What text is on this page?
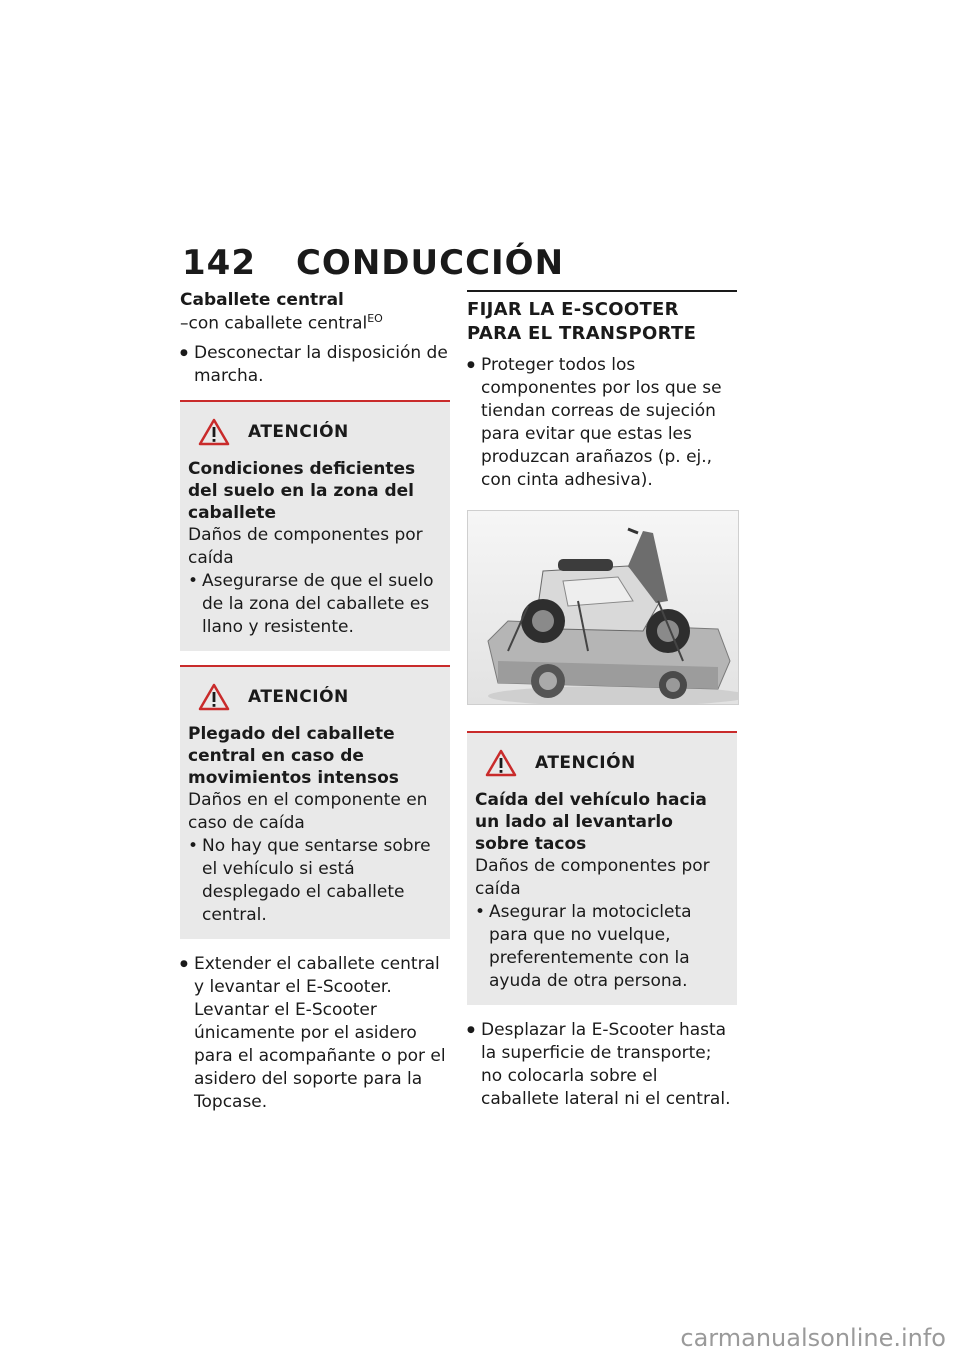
142 CONDUCCIÓN

Caballete central

–con caballete central$^{EO}$

● Desconectar la disposición de marcha.

ATENCIÓN

Condiciones deficientes del suelo en la zona del caballete

Daños de componentes por caída

• Asegurarse de que el suelo de la zona del caballete es llano y resistente.

ATENCIÓN

Plegado del caballete central en caso de movimientos intensos

Daños en el componente en caso de caída

• No hay que sentarse sobre el vehículo si está desplegado el caballete central.

● Extender el caballete central y levantar el E-Scooter. Levantar el E-Scooter únicamente por el asidero para el acompañante o por el asidero del soporte para la Topcase.

FIJAR LA E-SCOOTER PARA EL TRANSPORTE

● Proteger todos los componentes por los que se tiendan correas de sujeción para evitar que estas les produzcan arañazos (p. ej., con cinta adhesiva).

ATENCIÓN

Caída del vehículo hacia un lado al levantarlo sobre tacos

Daños de componentes por caída

• Asegurar la motocicleta para que no vuelque, preferentemente con la ayuda de otra persona.

● Desplazar la E-Scooter hasta la superficie de transporte; no colocarla sobre el caballete lateral ni el central.

carmanualsonline.info
